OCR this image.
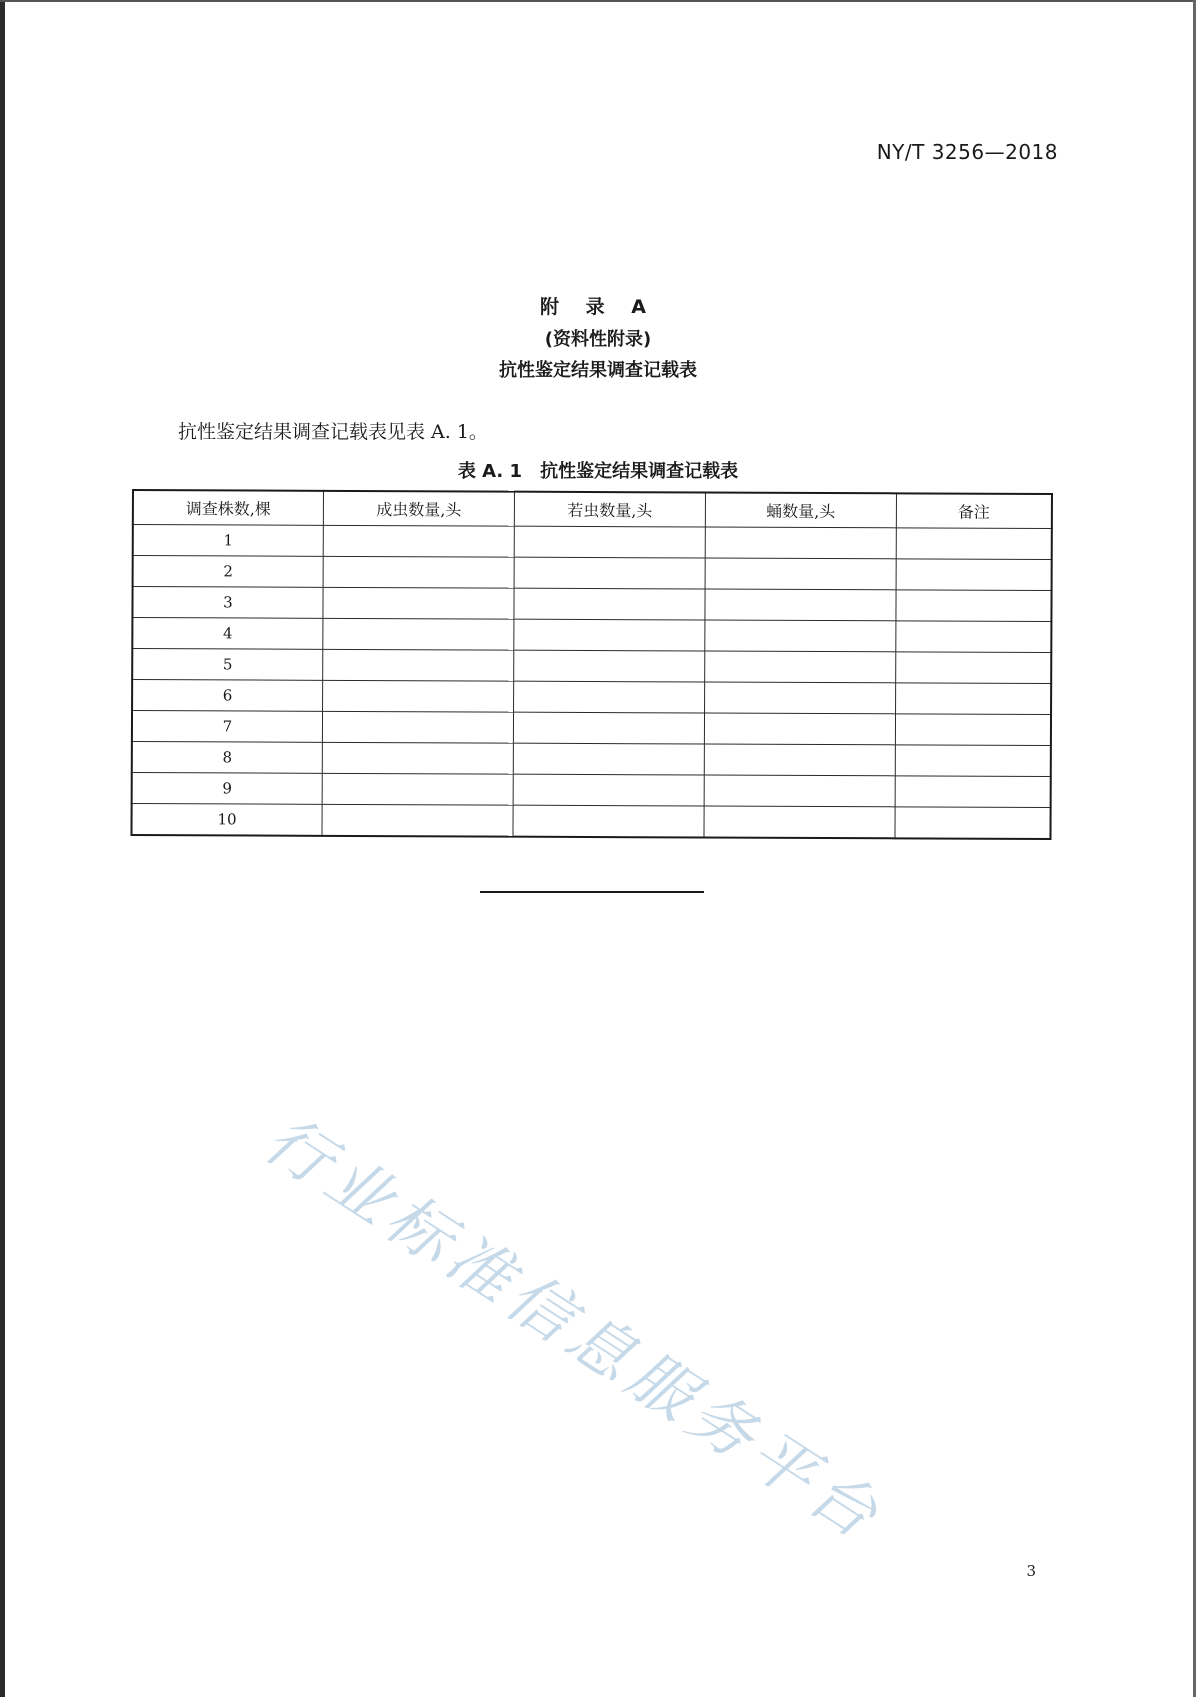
NY/T 3256—2018
附 录 A
(资料性附录)
抗性鉴定结果调查记载表
抗性鉴定结果调查记载表见表 A. 1。
表 A. 1　抗性鉴定结果调查记载表
调查株数,棵	成虫数量,头	若虫数量,头	蛹数量,头	备注
1				
2				
3				
4				
5				
6				
7				
8				
9				
10				
行业标准信息服务平台
3
